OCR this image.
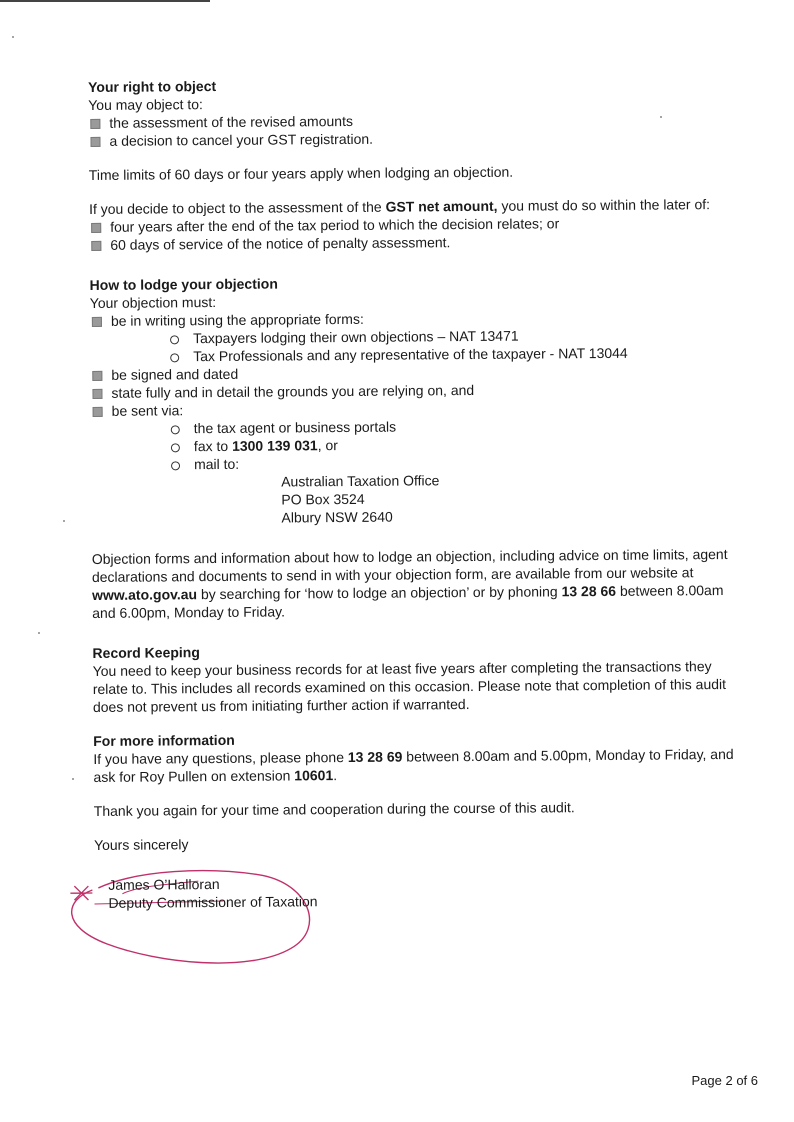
Your right to object

You may object to:

the assessment of the revised amounts
a decision to cancel your GST registration.

Time limits of 60 days or four years apply when lodging an objection.

If you decide to object to the assessment of the GST net amount, you must do so within the later of:

four years after the end of the tax period to which the decision relates; or
60 days of service of the notice of penalty assessment.
How to lodge your objection

Your objection must:

be in writing using the appropriate forms:
Taxpayers lodging their own objections – NAT 13471
Tax Professionals and any representative of the taxpayer - NAT 13044
be signed and dated
state fully and in detail the grounds you are relying on, and
be sent via:
the tax agent or business portals
fax to 1300 139 031, or
mail to:
Australian Taxation Office
PO Box 3524
Albury NSW 2640

Objection forms and information about how to lodge an objection, including advice on time limits, agent declarations and documents to send in with your objection form, are available from our website at www.ato.gov.au by searching for ‘how to lodge an objection’ or by phoning 13 28 66 between 8.00am and 6.00pm, Monday to Friday.

Record Keeping

You need to keep your business records for at least five years after completing the transactions they relate to. This includes all records examined on this occasion. Please note that completion of this audit does not prevent us from initiating further action if warranted.

For more information

If you have any questions, please phone 13 28 69 between 8.00am and 5.00pm, Monday to Friday, and ask for Roy Pullen on extension 10601.

Thank you again for your time and cooperation during the course of this audit.

Yours sincerely

James O’Halloran
Deputy Commissioner of Taxation
Page 2 of 6
